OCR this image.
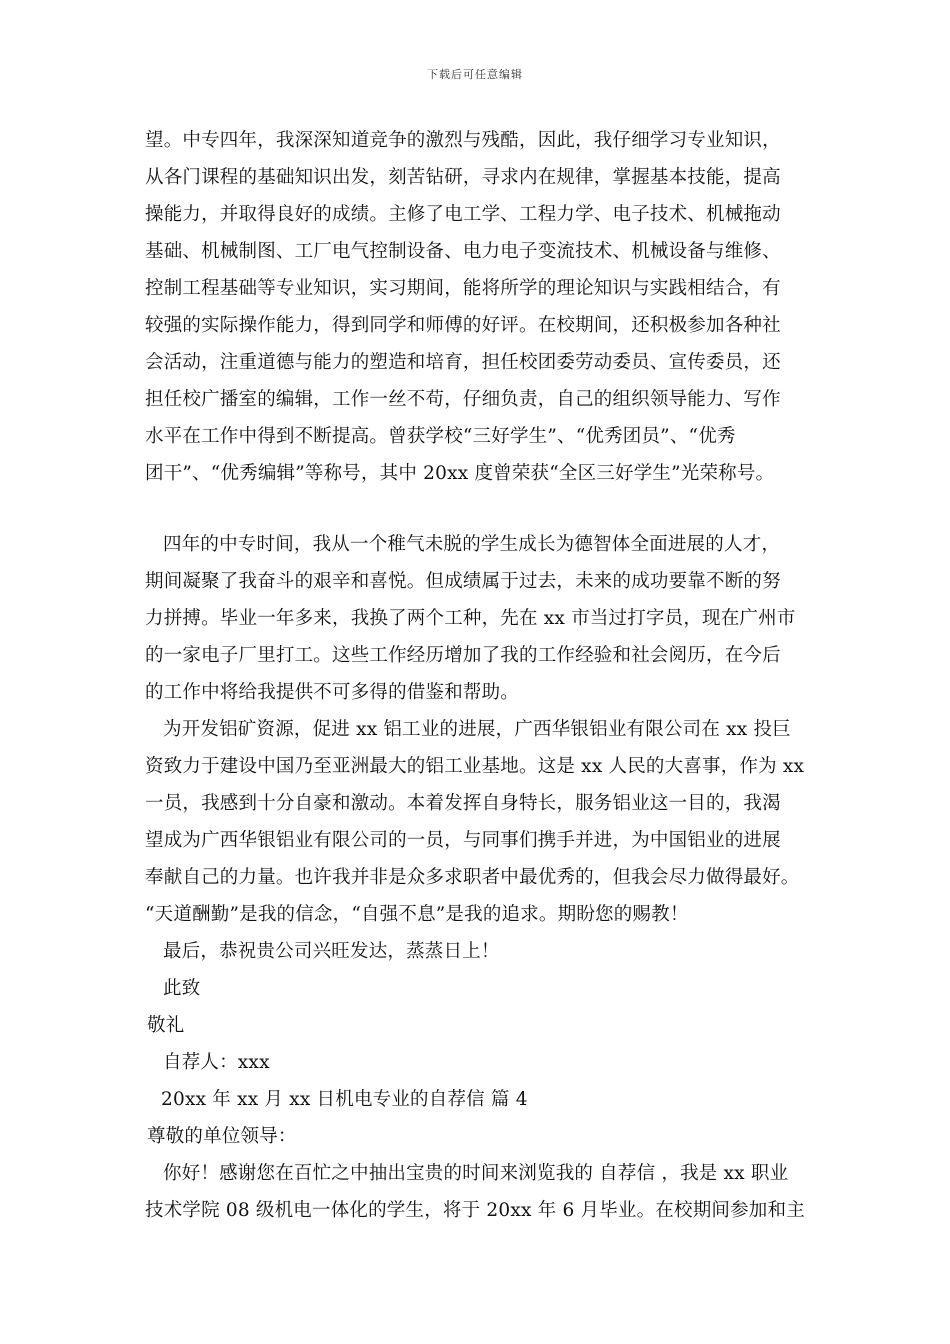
下载后可任意编辑
望。中专四年，我深深知道竞争的激烈与残酷，因此，我仔细学习专业知识，
从各门课程的基础知识出发，刻苦钻研，寻求内在规律，掌握基本技能，提高
操能力，并取得良好的成绩。主修了电工学、工程力学、电子技术、机械拖动
基础、机械制图、工厂电气控制设备、电力电子变流技术、机械设备与维修、
控制工程基础等专业知识，实习期间，能将所学的理论知识与实践相结合，有
较强的实际操作能力，得到同学和师傅的好评。在校期间，还积极参加各种社
会活动，注重道德与能力的塑造和培育，担任校团委劳动委员、宣传委员，还
担任校广播室的编辑，工作一丝不苟，仔细负责，自己的组织领导能力、写作
水平在工作中得到不断提高。曾获学校“三好学生”、“优秀团员”、“优秀
团干”、“优秀编辑”等称号，其中 20xx 度曾荣获“全区三好学生”光荣称号。
四年的中专时间，我从一个稚气未脱的学生成长为德智体全面进展的人才，
期间凝聚了我奋斗的艰辛和喜悦。但成绩属于过去，未来的成功要靠不断的努
力拼搏。毕业一年多来，我换了两个工种，先在 xx 市当过打字员，现在广州市
的一家电子厂里打工。这些工作经历增加了我的工作经验和社会阅历，在今后
的工作中将给我提供不可多得的借鉴和帮助。
为开发铝矿资源，促进 xx 铝工业的进展，广西华银铝业有限公司在 xx 投巨
资致力于建设中国乃至亚洲最大的铝工业基地。这是 xx 人民的大喜事，作为 xx
一员，我感到十分自豪和激动。本着发挥自身特长，服务铝业这一目的，我渴
望成为广西华银铝业有限公司的一员，与同事们携手并进，为中国铝业的进展
奉献自己的力量。也许我并非是众多求职者中最优秀的，但我会尽力做得最好。
“天道酬勤”是我的信念，“自强不息”是我的追求。期盼您的赐教！
最后，恭祝贵公司兴旺发达，蒸蒸日上！
此致
敬礼
自荐人：xxx
20xx 年 xx 月 xx 日机电专业的自荐信 篇 4
尊敬的单位领导：
你好！感谢您在百忙之中抽出宝贵的时间来浏览我的 自荐信 ，我是 xx 职业
技术学院 08 级机电一体化的学生，将于 20xx 年 6 月毕业。在校期间参加和主
